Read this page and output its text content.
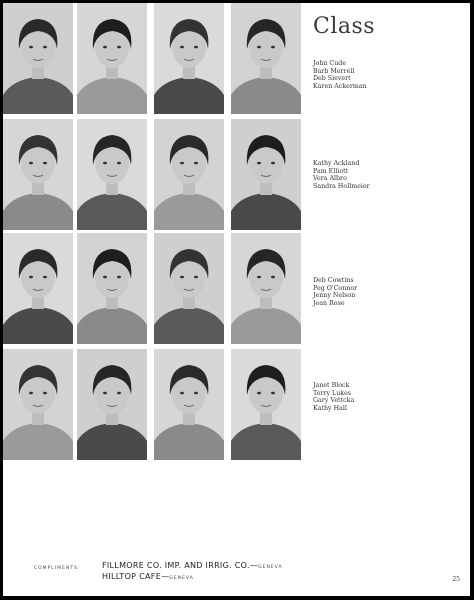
Class
John Cude
Barb Merrell
Deb Sievert
Karen Ackerman
Kathy Ackland
Pam Elliott
Vera Albro
Sandra Hollmeier
Deb Cowtins
Peg O'Connor
Jenny Nelson
Jean Rose
Janet Block
Terry Lukes
Gary Vettcka
Kathy Hall
COMPLIMENTS:	FILLMORE CO. IMP. AND IRRIG. CO.—GENEVA
HILLTOP CAFE—GENEVA	25
